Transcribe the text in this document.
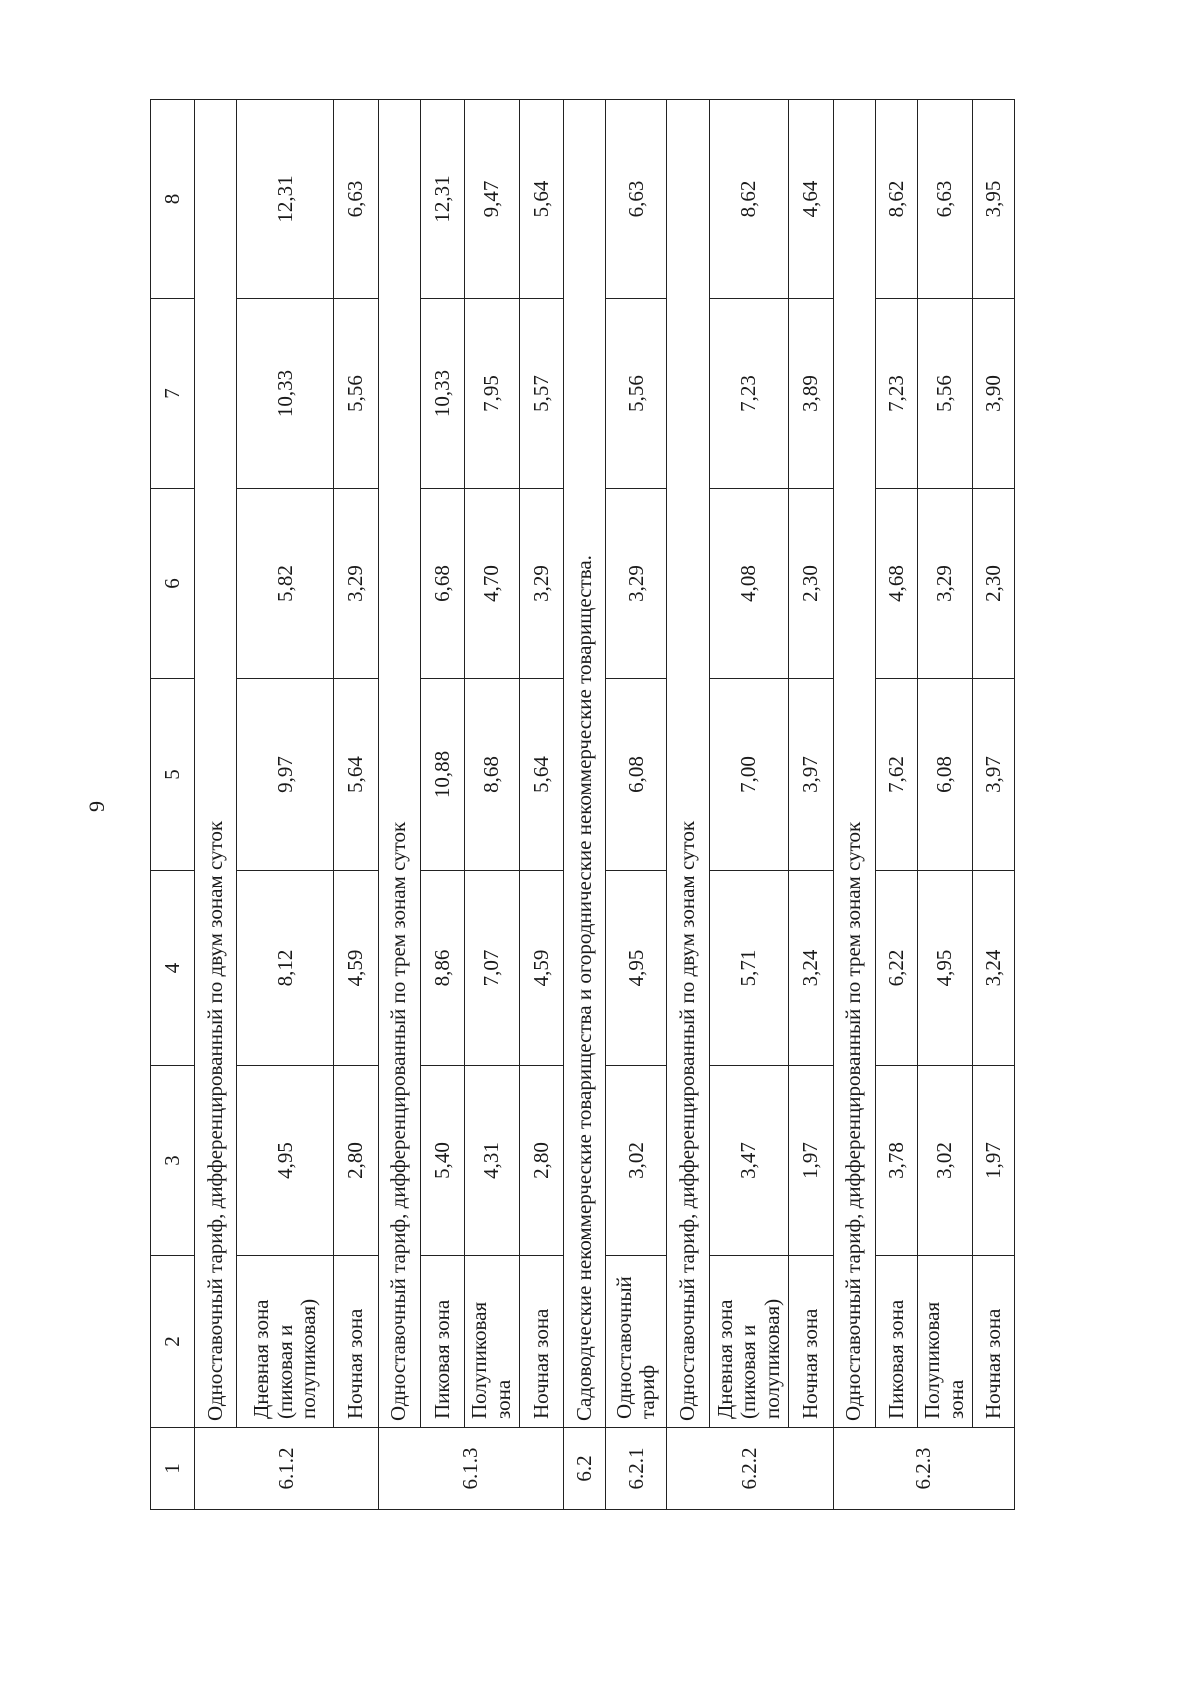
9
1	2	3	4	5	6	7	8
6.1.2	Одноставочный тариф, дифференцированный по двум зонам суток						
	Дневная зона (пиковая и полупиковая)	4,95	8,12	9,97	5,82	10,33	12,31
	Ночная зона	2,80	4,59	5,64	3,29	5,56	6,63
6.1.3	Одноставочный тариф, дифференцированный по трем зонам суток						
	Пиковая зона	5,40	8,86	10,88	6,68	10,33	12,31
	Полупиковая зона	4,31	7,07	8,68	4,70	7,95	9,47
	Ночная зона	2,80	4,59	5,64	3,29	5,57	5,64
6.2	Садоводческие некоммерческие товарищества и огороднические некоммерческие товарищества.						
6.2.1	Одноставочный тариф	3,02	4,95	6,08	3,29	5,56	6,63
6.2.2	Одноставочный тариф, дифференцированный по двум зонам суток						
	Дневная зона (пиковая и полупиковая)	3,47	5,71	7,00	4,08	7,23	8,62
	Ночная зона	1,97	3,24	3,97	2,30	3,89	4,64
6.2.3	Одноставочный тариф, дифференцированный по трем зонам суток						
	Пиковая зона	3,78	6,22	7,62	4,68	7,23	8,62
	Полупиковая зона	3,02	4,95	6,08	3,29	5,56	6,63
	Ночная зона	1,97	3,24	3,97	2,30	3,90	3,95
